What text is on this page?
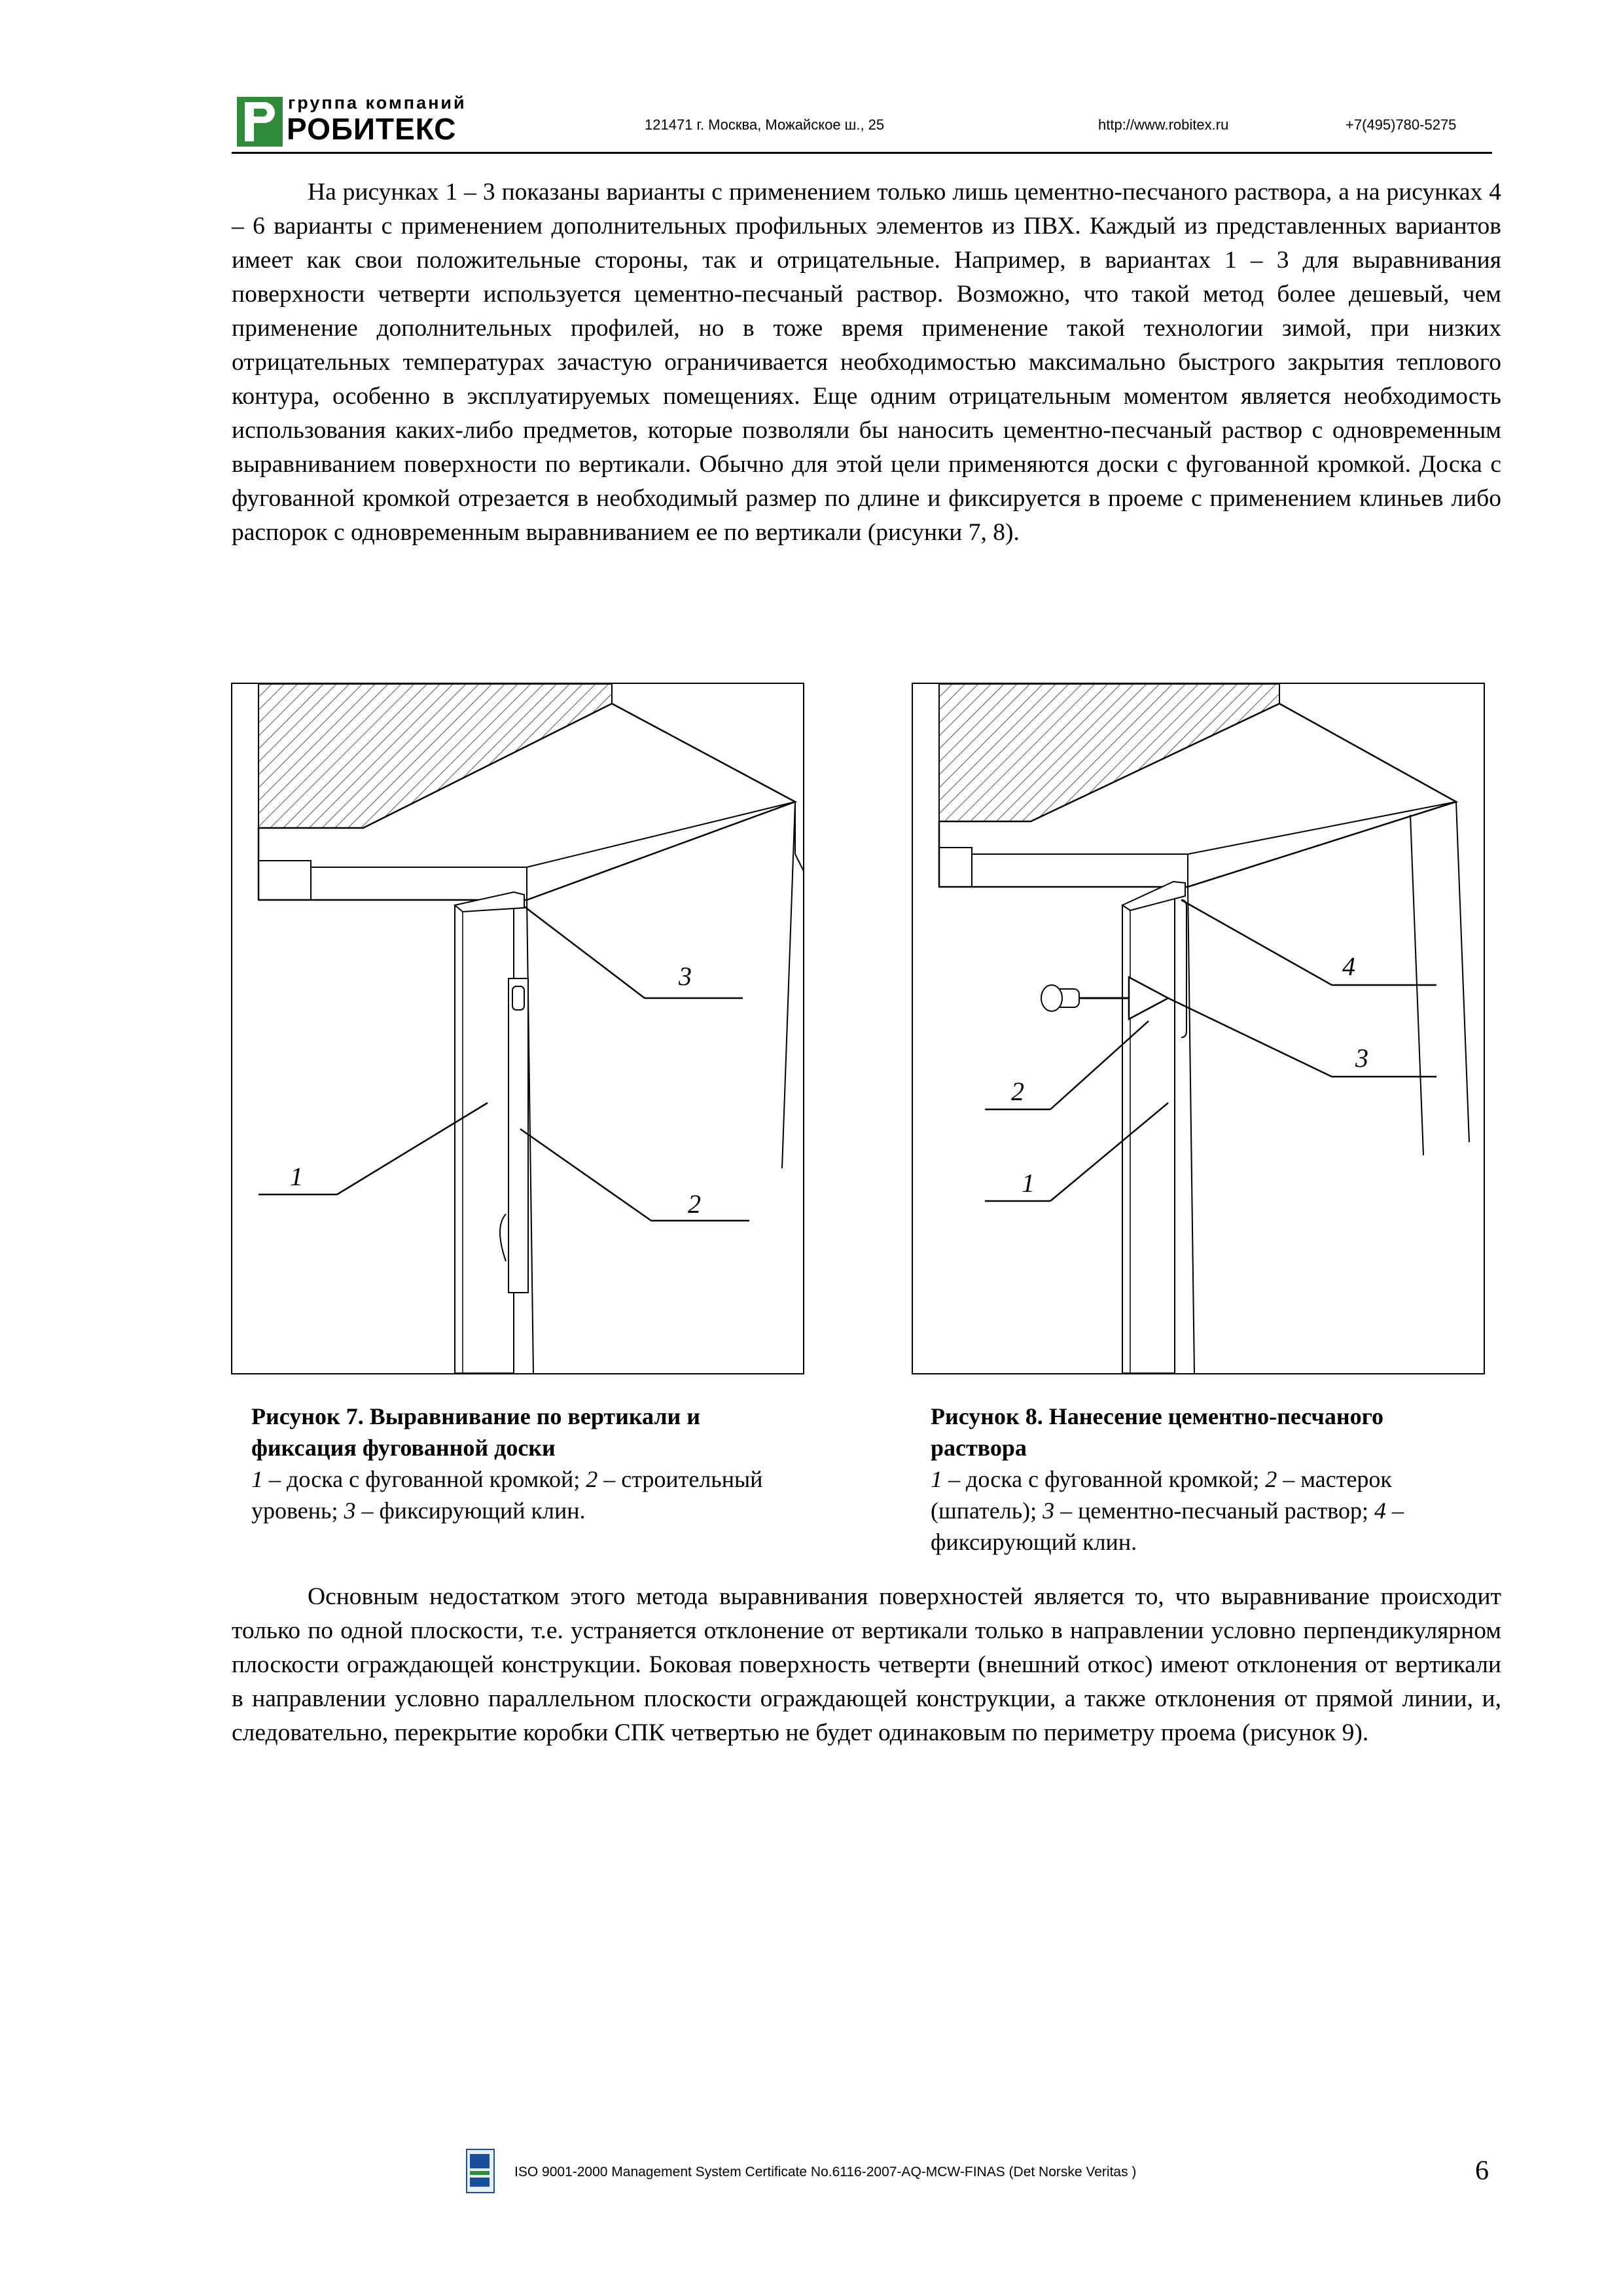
группа компаний
РОБИТЕКС	121471 г. Москва, Можайское ш., 25	http://www.robitex.ru	+7(495)780-5275

На рисунках 1 – 3 показаны варианты с применением только лишь цементно-песчаного раствора, а на рисунках 4 – 6 варианты с применением дополнительных профильных элементов из ПВХ. Каждый из представленных вариантов имеет как свои положительные стороны, так и отрицательные. Например, в вариантах 1 – 3 для выравнивания поверхности четверти используется цементно-песчаный раствор. Возможно, что такой метод более дешевый, чем применение дополнительных профилей, но в тоже время применение такой технологии зимой, при низких отрицательных температурах зачастую ограничивается необходимостью максимально быстрого закрытия теплового контура, особенно в эксплуатируемых помещениях. Еще одним отрицательным моментом является необходимость использования каких-либо предметов, которые позволяли бы наносить цементно-песчаный раствор с одновременным выравниванием поверхности по вертикали. Обычно для этой цели применяются доски с фугованной кромкой. Доска с фугованной кромкой отрезается в необходимый размер по длине и фиксируется в проеме с применением клиньев либо распорок с одновременным выравниванием ее по вертикали (рисунки 7, 8).

3
1
2
4
3
2
1
Рисунок 7. Выравнивание по вертикали и фиксация фугованной доски
1 – доска с фугованной кромкой; 2 – строительный уровень; 3 – фиксирующий клин.
Рисунок 8. Нанесение цементно-песчаного раствора
1 – доска с фугованной кромкой; 2 – мастерок (шпатель); 3 – цементно-песчаный раствор; 4 – фиксирующий клин.

Основным недостатком этого метода выравнивания поверхностей является то, что выравнивание происходит только по одной плоскости, т.е. устраняется отклонение от вертикали только в направлении условно перпендикулярном плоскости ограждающей конструкции. Боковая поверхность четверти (внешний откос) имеют отклонения от вертикали в направлении условно параллельном плоскости ограждающей конструкции, а также отклонения от прямой линии, и, следовательно, перекрытие коробки СПК четвертью не будет одинаковым по периметру проема (рисунок 9).

ISO 9001-2000 Management System Certificate No.6116-2007-AQ-MCW-FINAS (Det Norske Veritas )	6
